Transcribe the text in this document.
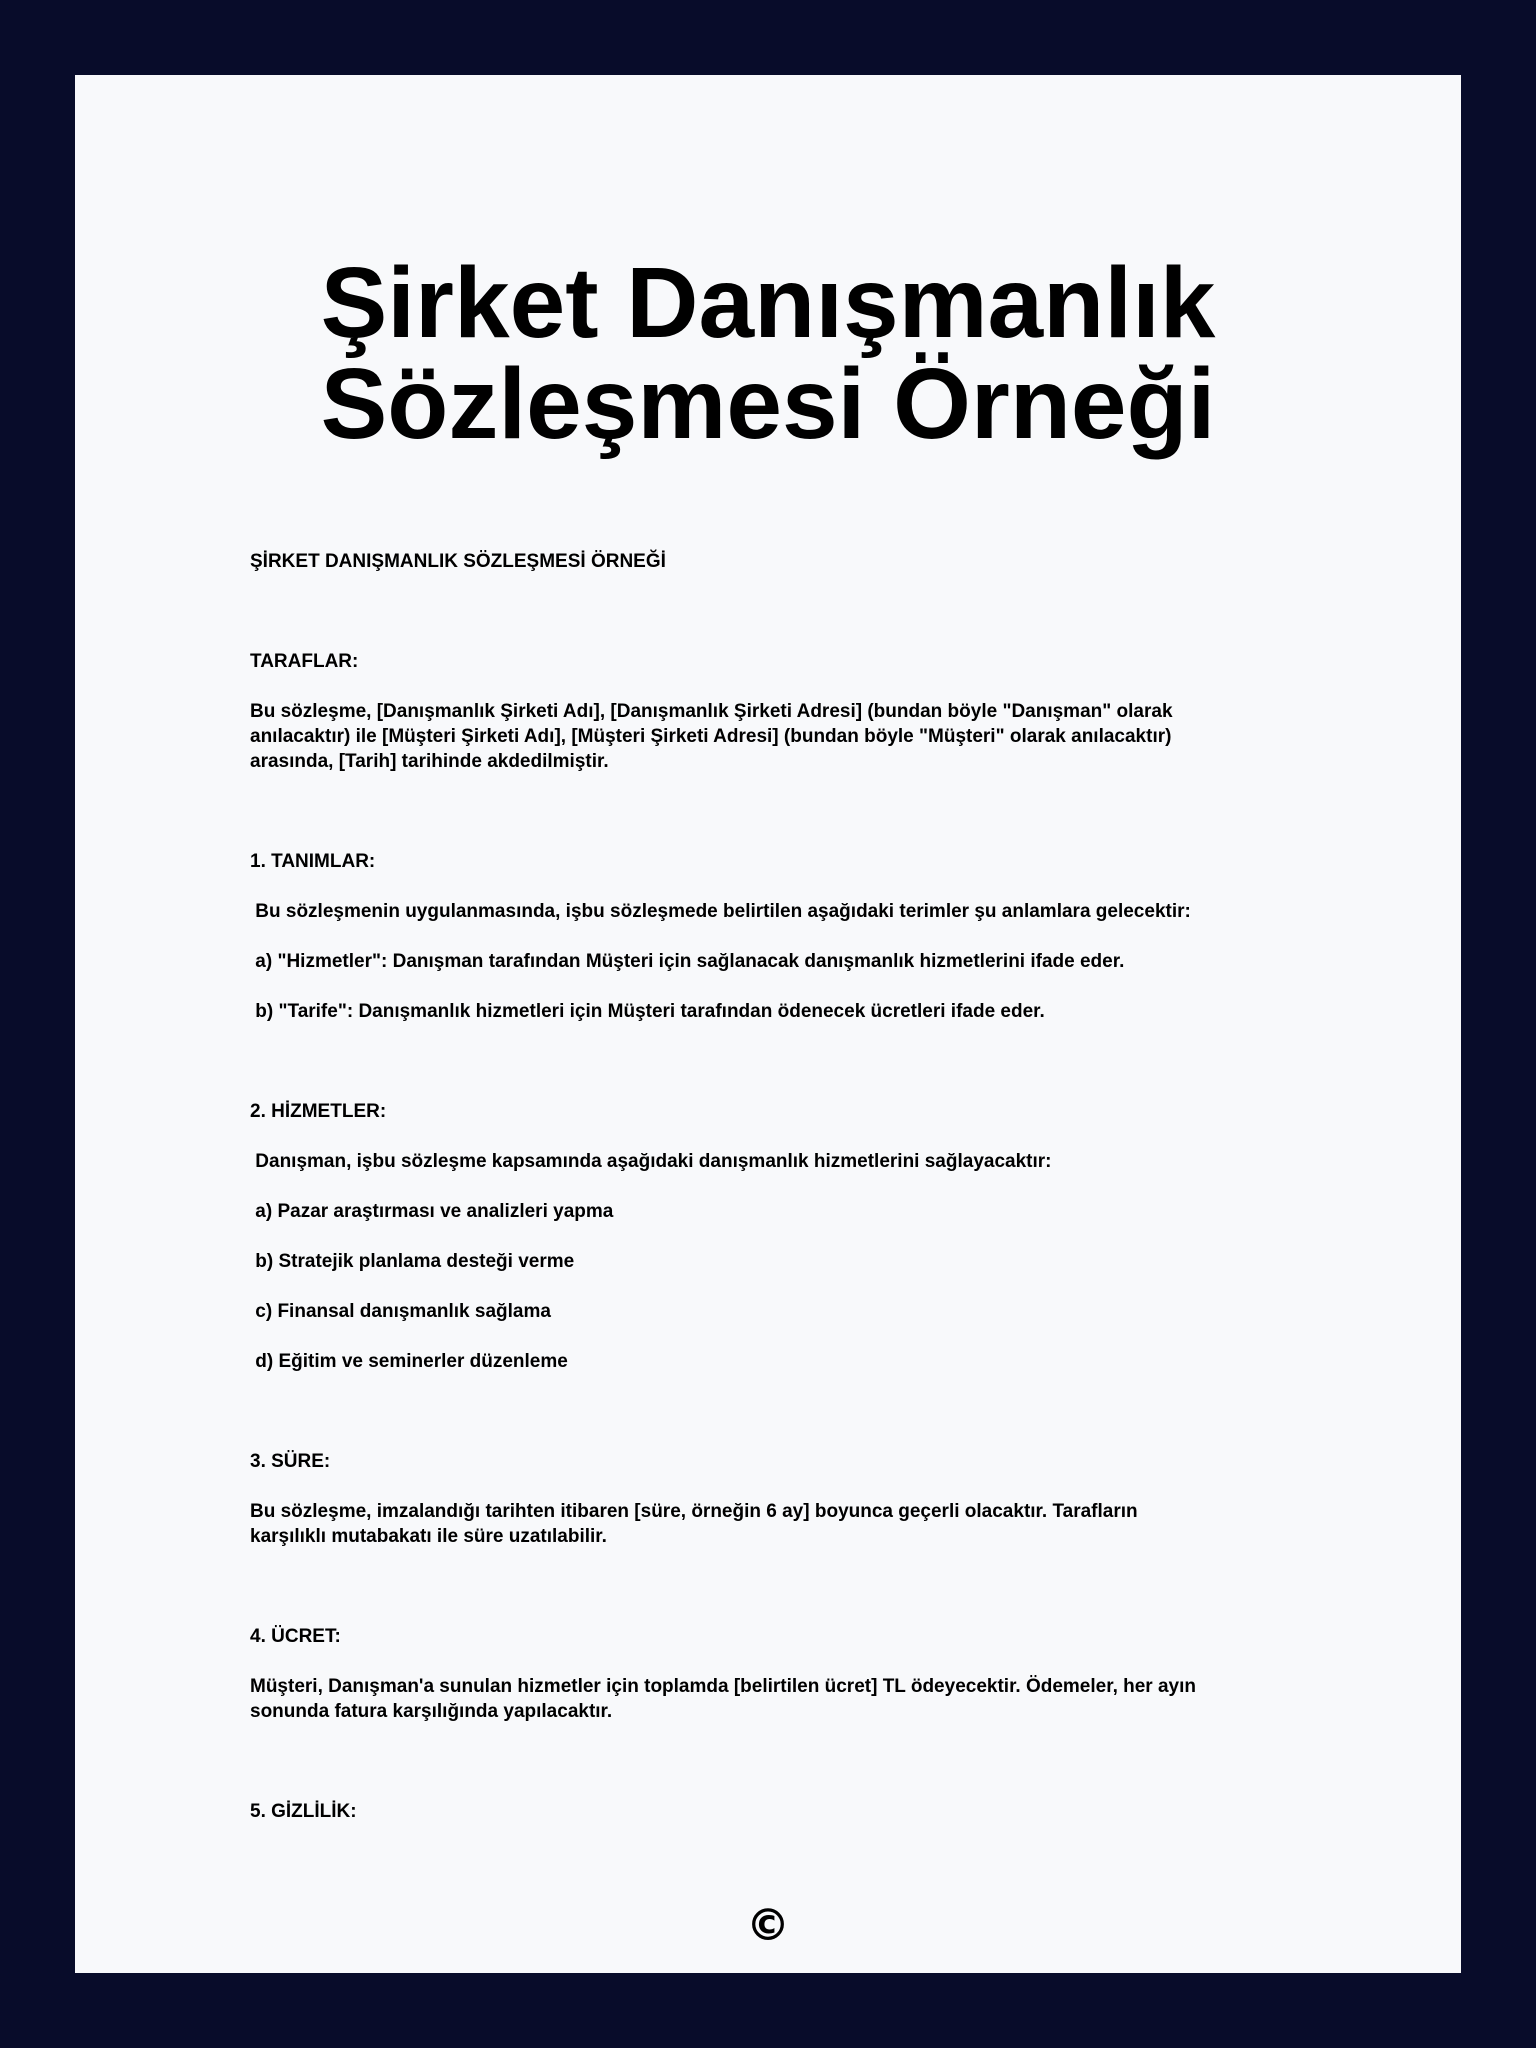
Şirket Danışmanlık
Sözleşmesi Örneği

ŞİRKET DANIŞMANLIK SÖZLEŞMESİ ÖRNEĞİ

TARAFLAR:

Bu sözleşme, [Danışmanlık Şirketi Adı], [Danışmanlık Şirketi Adresi] (bundan böyle "Danışman" olarak

anılacaktır) ile [Müşteri Şirketi Adı], [Müşteri Şirketi Adresi] (bundan böyle "Müşteri" olarak anılacaktır)

arasında, [Tarih] tarihinde akdedilmiştir.

1. TANIMLAR:

Bu sözleşmenin uygulanmasında, işbu sözleşmede belirtilen aşağıdaki terimler şu anlamlara gelecektir:

a) "Hizmetler": Danışman tarafından Müşteri için sağlanacak danışmanlık hizmetlerini ifade eder.

b) "Tarife": Danışmanlık hizmetleri için Müşteri tarafından ödenecek ücretleri ifade eder.

2. HİZMETLER:

Danışman, işbu sözleşme kapsamında aşağıdaki danışmanlık hizmetlerini sağlayacaktır:

a) Pazar araştırması ve analizleri yapma

b) Stratejik planlama desteği verme

c) Finansal danışmanlık sağlama

d) Eğitim ve seminerler düzenleme

3. SÜRE:

Bu sözleşme, imzalandığı tarihten itibaren [süre, örneğin 6 ay] boyunca geçerli olacaktır. Tarafların

karşılıklı mutabakatı ile süre uzatılabilir.

4. ÜCRET:

Müşteri, Danışman'a sunulan hizmetler için toplamda [belirtilen ücret] TL ödeyecektir. Ödemeler, her ayın

sonunda fatura karşılığında yapılacaktır.

5. GİZLİLİK:

©
